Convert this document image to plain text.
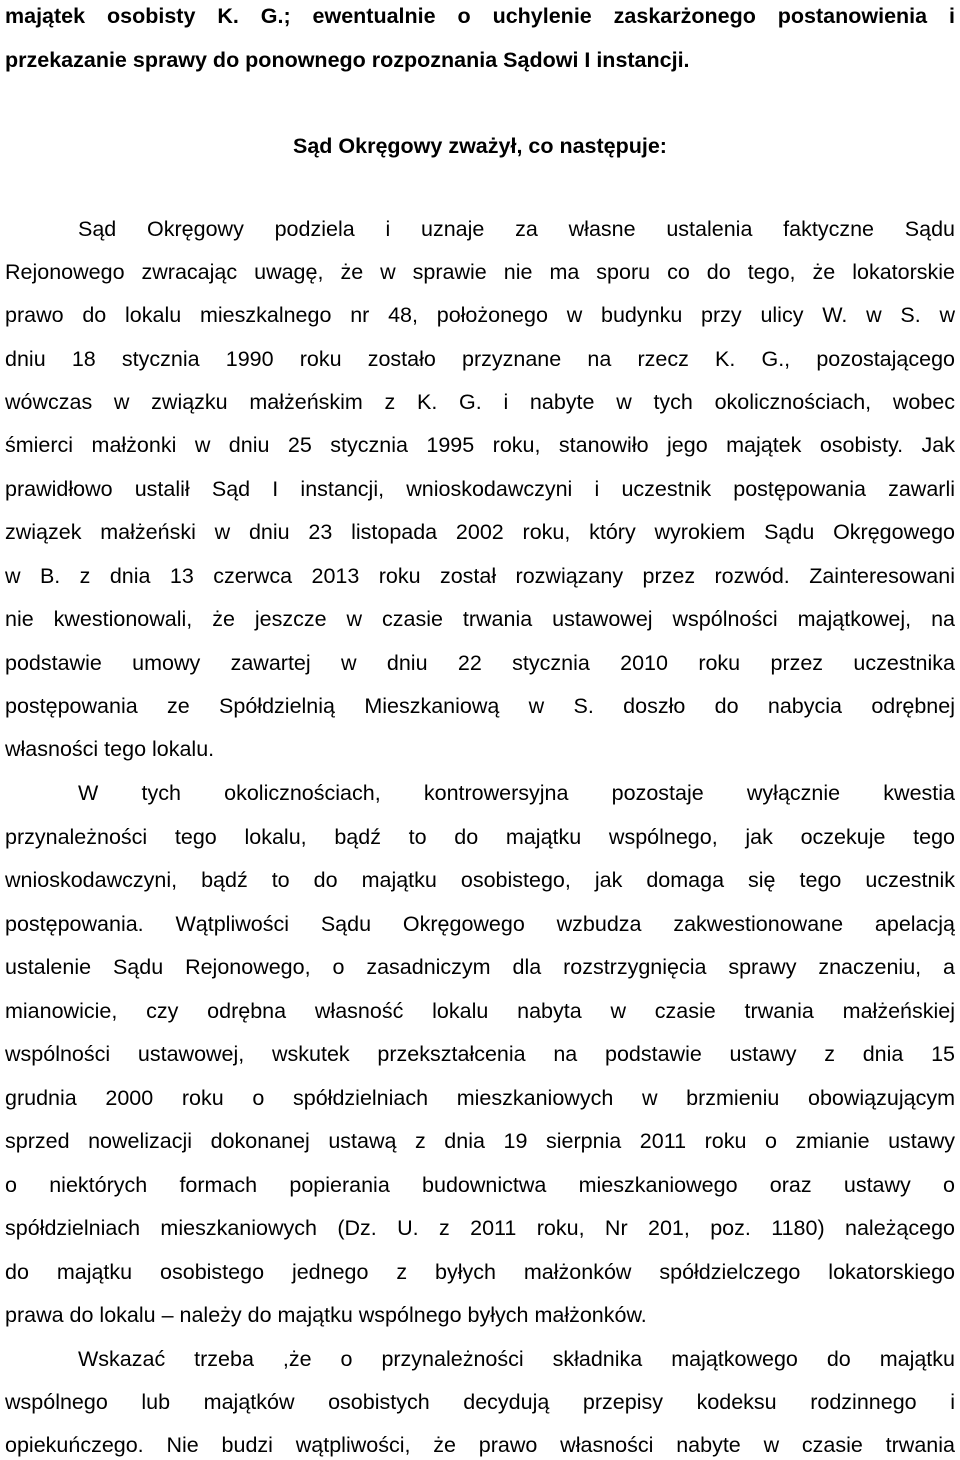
majątek osobisty K. G.; ewentualnie o uchylenie zaskarżonego postanowienia i
przekazanie sprawy do ponownego rozpoznania Sądowi I instancji.
Sąd Okręgowy zważył, co następuje:
Sąd Okręgowy podziela i uznaje za własne ustalenia faktyczne Sądu
Rejonowego zwracając uwagę, że w sprawie nie ma sporu co do tego, że lokatorskie
prawo do lokalu mieszkalnego nr 48, położonego w budynku przy ulicy W. w S. w
dniu 18 stycznia 1990 roku zostało przyznane na rzecz K. G., pozostającego
wówczas w związku małżeńskim z K. G. i nabyte w tych okolicznościach, wobec
śmierci małżonki w dniu 25 stycznia 1995 roku, stanowiło jego majątek osobisty. Jak
prawidłowo ustalił Sąd I instancji, wnioskodawczyni i uczestnik postępowania zawarli
związek małżeński w dniu 23 listopada 2002 roku, który wyrokiem Sądu Okręgowego
w B. z dnia 13 czerwca 2013 roku został rozwiązany przez rozwód. Zainteresowani
nie kwestionowali, że jeszcze w czasie trwania ustawowej wspólności majątkowej, na
podstawie umowy zawartej w dniu 22 stycznia 2010 roku przez uczestnika
postępowania ze Spółdzielnią Mieszkaniową w S. doszło do nabycia odrębnej
własności tego lokalu.
W tych okolicznościach, kontrowersyjna pozostaje wyłącznie kwestia
przynależności tego lokalu, bądź to do majątku wspólnego, jak oczekuje tego
wnioskodawczyni, bądź to do majątku osobistego, jak domaga się tego uczestnik
postępowania. Wątpliwości Sądu Okręgowego wzbudza zakwestionowane apelacją
ustalenie Sądu Rejonowego, o zasadniczym dla rozstrzygnięcia sprawy znaczeniu, a
mianowicie, czy odrębna własność lokalu nabyta w czasie trwania małżeńskiej
wspólności ustawowej, wskutek przekształcenia na podstawie ustawy z dnia 15
grudnia 2000 roku o spółdzielniach mieszkaniowych w brzmieniu obowiązującym
sprzed nowelizacji dokonanej ustawą z dnia 19 sierpnia 2011 roku o zmianie ustawy
o niektórych formach popierania budownictwa mieszkaniowego oraz ustawy o
spółdzielniach mieszkaniowych (Dz. U. z 2011 roku, Nr 201, poz. 1180) należącego
do majątku osobistego jednego z byłych małżonków spółdzielczego lokatorskiego
prawa do lokalu – należy do majątku wspólnego byłych małżonków.
Wskazać trzeba ,że o przynależności składnika majątkowego do majątku
wspólnego lub majątków osobistych decydują przepisy kodeksu rodzinnego i
opiekuńczego. Nie budzi wątpliwości, że prawo własności nabyte w czasie trwania
